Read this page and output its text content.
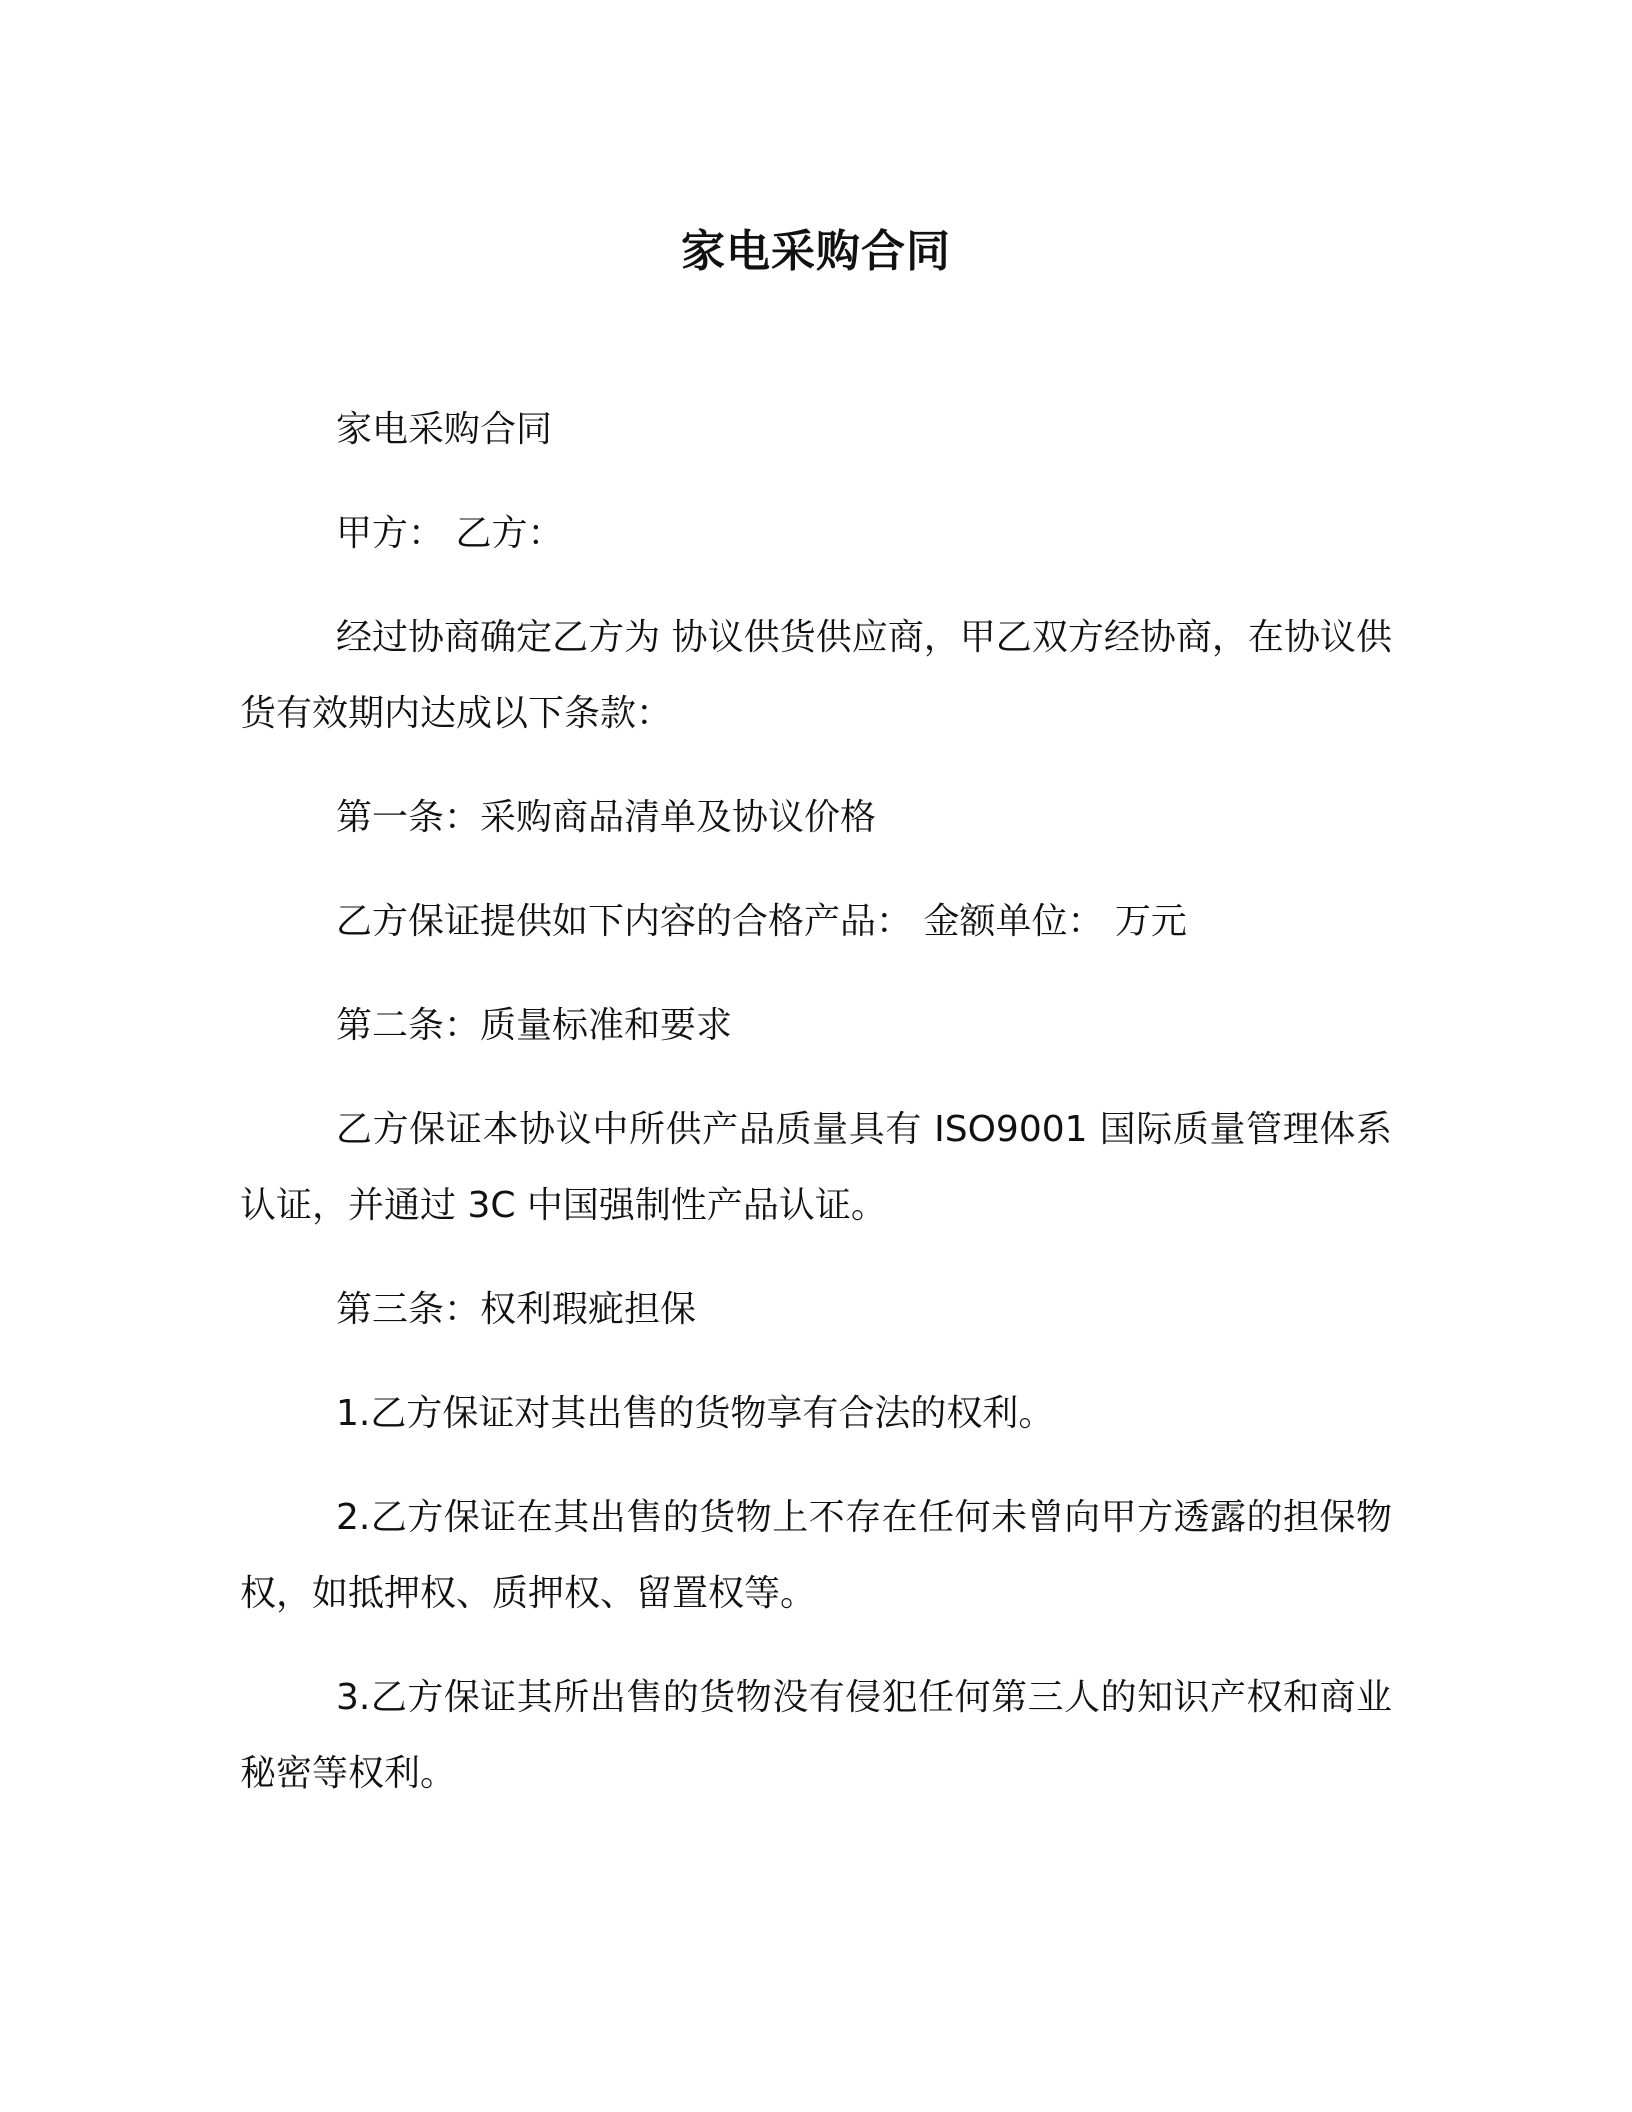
家电采购合同

家电采购合同

甲方： 乙方：

经过协商确定乙方为 协议供货供应商，甲乙双方经协商，在协议供货有效期内达成以下条款：

第一条：采购商品清单及协议价格

乙方保证提供如下内容的合格产品： 金额单位： 万元

第二条：质量标准和要求

乙方保证本协议中所供产品质量具有 ISO9001 国际质量管理体系认证，并通过 3C 中国强制性产品认证。

第三条：权利瑕疵担保

1.乙方保证对其出售的货物享有合法的权利。

2.乙方保证在其出售的货物上不存在任何未曾向甲方透露的担保物权，如抵押权、质押权、留置权等。

3.乙方保证其所出售的货物没有侵犯任何第三人的知识产权和商业秘密等权利。
